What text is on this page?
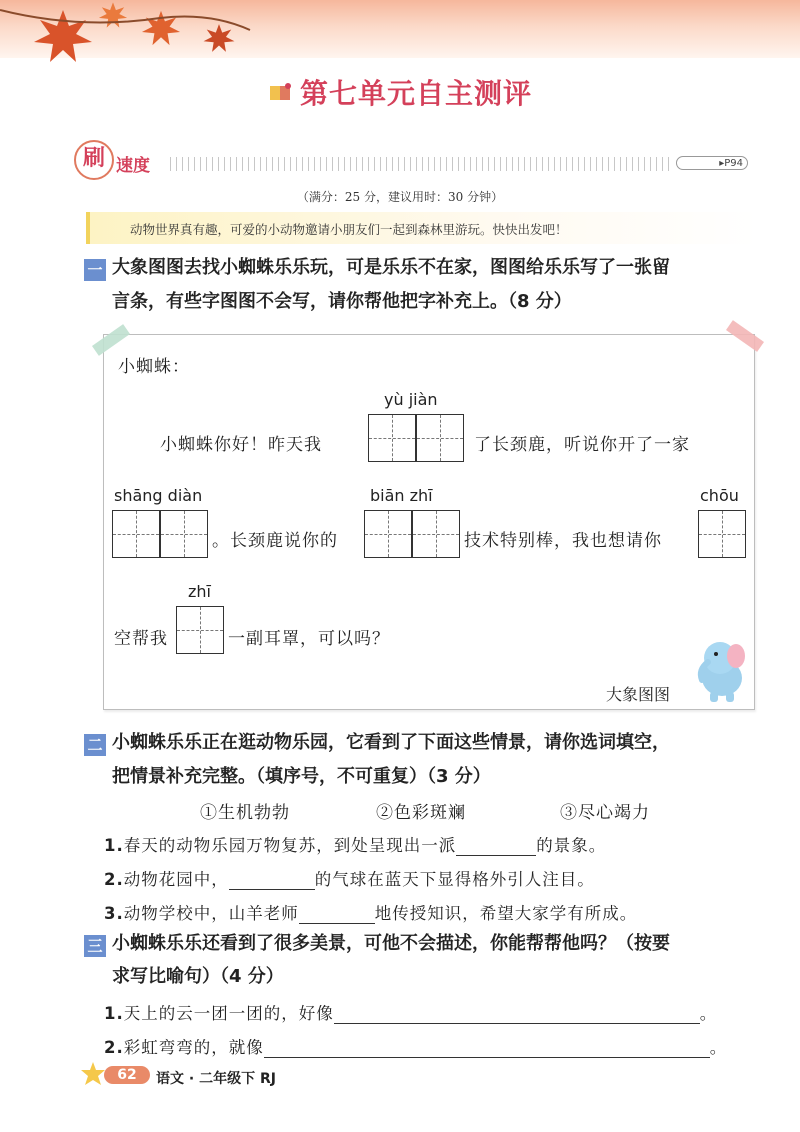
第七单元自主测评
刷 速度	▸P94
（满分：25 分，建议用时：30 分钟）
动物世界真有趣，可爱的小动物邀请小朋友们一起到森林里游玩。快快出发吧！
一 大象图图去找小蜘蛛乐乐玩，可是乐乐不在家，图图给乐乐写了一张留
言条，有些字图图不会写，请你帮他把字补充上。（8 分）
小蜘蛛：
yù jiàn
小蜘蛛你好！昨天我	了长颈鹿，听说你开了一家
shāng diàn
。长颈鹿说你的
biān zhī
技术特别棒，我也想请你
chōu
空帮我
zhī
一副耳罩，可以吗？
大象图图
二 小蜘蛛乐乐正在逛动物乐园，它看到了下面这些情景，请你选词填空，
把情景补充完整。（填序号，不可重复）（3 分）
①生机勃勃	②色彩斑斓	③尽心竭力
1.春天的动物乐园万物复苏，到处呈现出一派	的景象。
2.动物花园中，	的气球在蓝天下显得格外引人注目。
3.动物学校中，山羊老师	地传授知识，希望大家学有所成。
三 小蜘蛛乐乐还看到了很多美景，可他不会描述，你能帮帮他吗？（按要
求写比喻句）（4 分）
1.天上的云一团一团的，好像	。
2.彩虹弯弯的，就像	。
62	语文 · 二年级下 RJ
